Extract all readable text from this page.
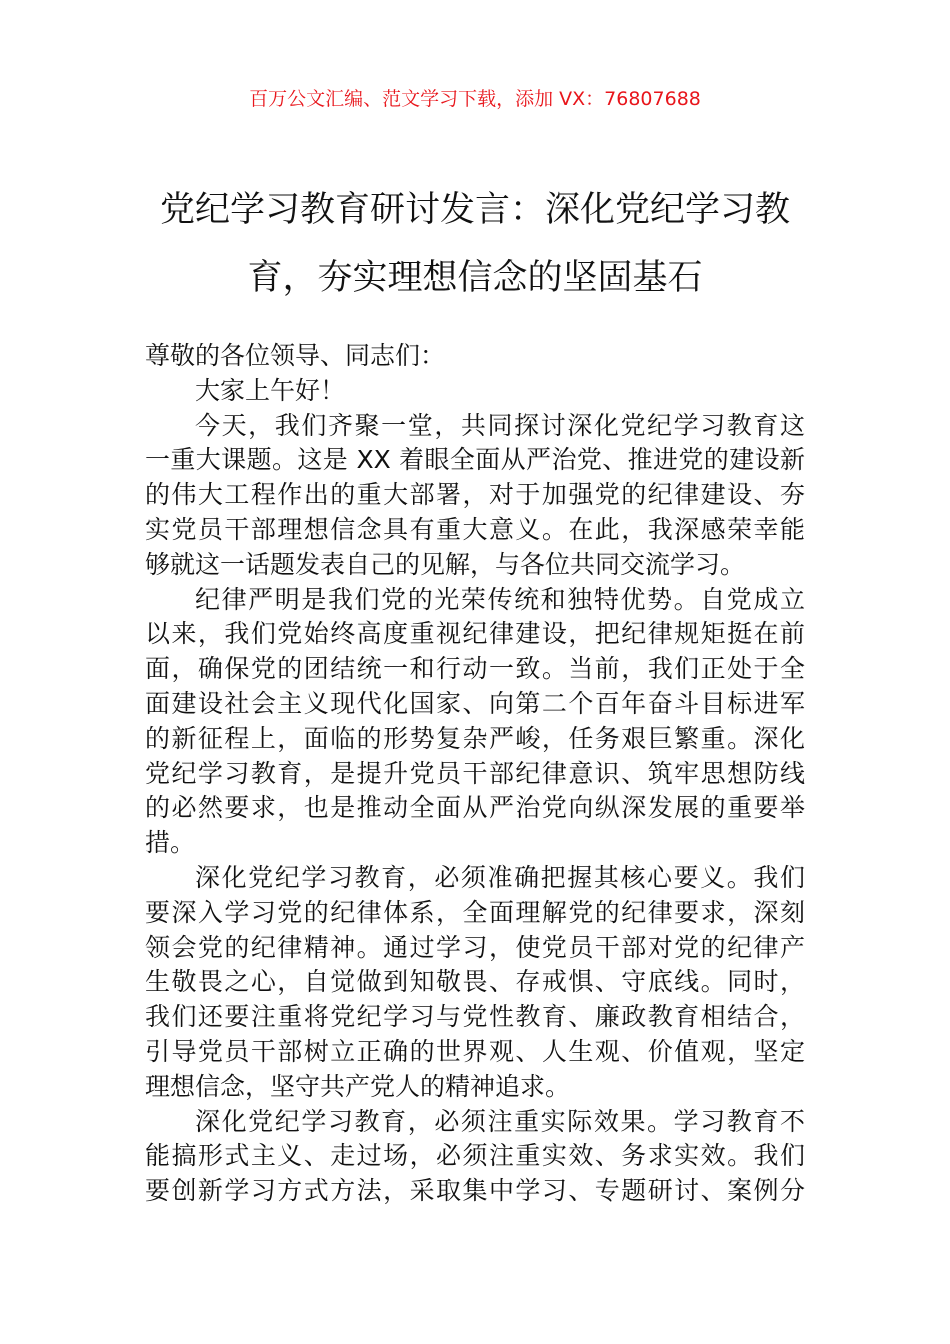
百万公文汇编、范文学习下载，添加 VX：76807688
党纪学习教育研讨发言：深化党纪学习教
育，夯实理想信念的坚固基石
尊敬的各位领导、同志们：
大家上午好！
今天，我们齐聚一堂，共同探讨深化党纪学习教育这
一重大课题。这是 XX 着眼全面从严治党、推进党的建设新
的伟大工程作出的重大部署，对于加强党的纪律建设、夯
实党员干部理想信念具有重大意义。在此，我深感荣幸能
够就这一话题发表自己的见解，与各位共同交流学习。
纪律严明是我们党的光荣传统和独特优势。自党成立
以来，我们党始终高度重视纪律建设，把纪律规矩挺在前
面，确保党的团结统一和行动一致。当前，我们正处于全
面建设社会主义现代化国家、向第二个百年奋斗目标进军
的新征程上，面临的形势复杂严峻，任务艰巨繁重。深化
党纪学习教育，是提升党员干部纪律意识、筑牢思想防线
的必然要求，也是推动全面从严治党向纵深发展的重要举
措。
深化党纪学习教育，必须准确把握其核心要义。我们
要深入学习党的纪律体系，全面理解党的纪律要求，深刻
领会党的纪律精神。通过学习，使党员干部对党的纪律产
生敬畏之心，自觉做到知敬畏、存戒惧、守底线。同时，
我们还要注重将党纪学习与党性教育、廉政教育相结合，
引导党员干部树立正确的世界观、人生观、价值观，坚定
理想信念，坚守共产党人的精神追求。
深化党纪学习教育，必须注重实际效果。学习教育不
能搞形式主义、走过场，必须注重实效、务求实效。我们
要创新学习方式方法，采取集中学习、专题研讨、案例分
